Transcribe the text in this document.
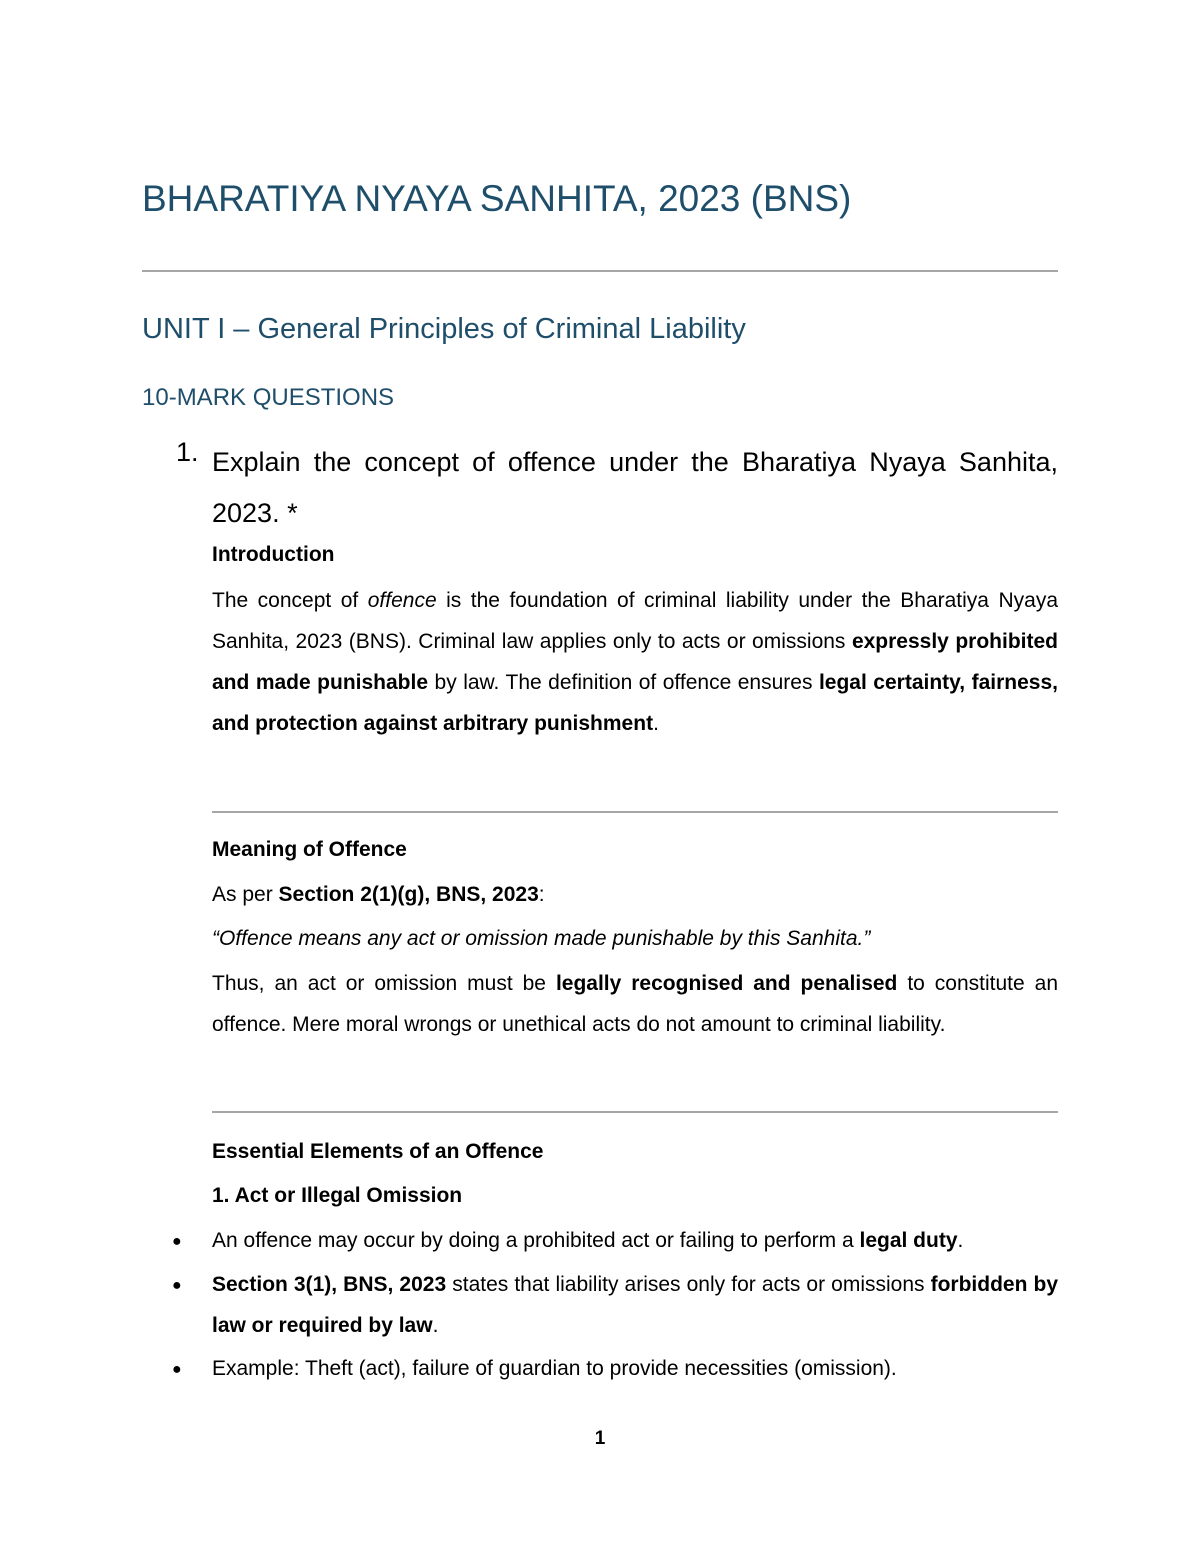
BHARATIYA NYAYA SANHITA, 2023 (BNS)
UNIT I – General Principles of Criminal Liability
10-MARK QUESTIONS
1. Explain the concept of offence under the Bharatiya Nyaya Sanhita, 2023. *
Introduction
The concept of offence is the foundation of criminal liability under the Bharatiya Nyaya Sanhita, 2023 (BNS). Criminal law applies only to acts or omissions expressly prohibited and made punishable by law. The definition of offence ensures legal certainty, fairness, and protection against arbitrary punishment.
Meaning of Offence
As per Section 2(1)(g), BNS, 2023:
“Offence means any act or omission made punishable by this Sanhita.”
Thus, an act or omission must be legally recognised and penalised to constitute an offence. Mere moral wrongs or unethical acts do not amount to criminal liability.
Essential Elements of an Offence
1. Act or Illegal Omission
● An offence may occur by doing a prohibited act or failing to perform a legal duty.
● Section 3(1), BNS, 2023 states that liability arises only for acts or omissions forbidden by law or required by law.
● Example: Theft (act), failure of guardian to provide necessities (omission).
1
